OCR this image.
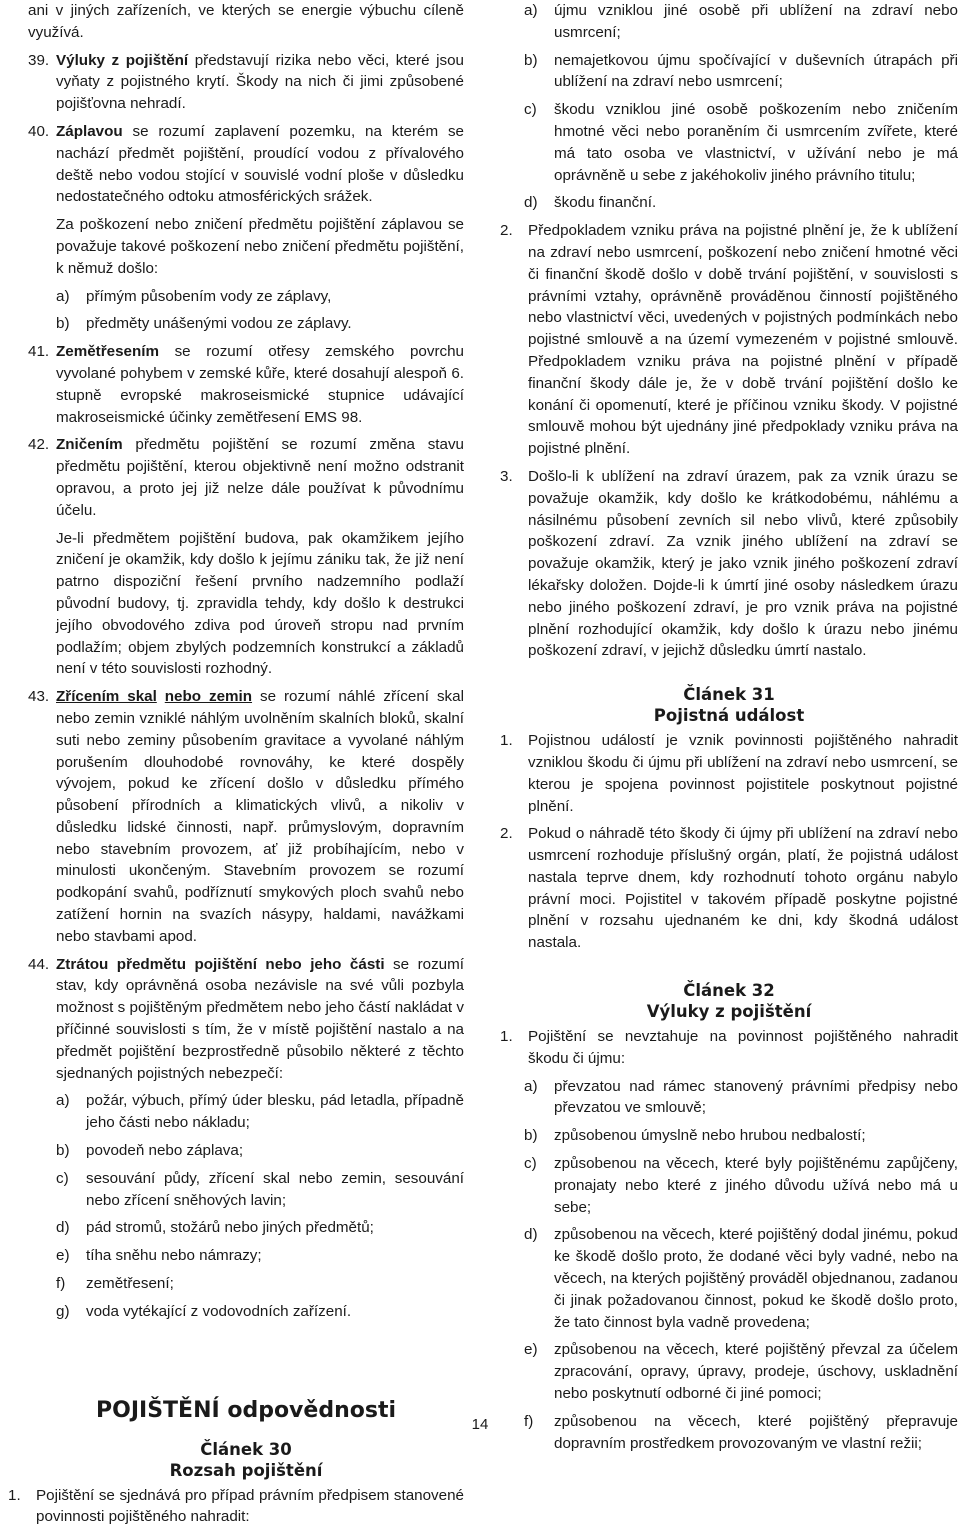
ani v jiných zařízeních, ve kterých se energie výbuchu cíleně využívá.

39. Výluky z pojištění představují rizika nebo věci, které jsou vyňaty z pojistného krytí. Škody na nich či jimi způsobené pojišťovna nehradí.
40. Záplavou se rozumí zaplavení pozemku, na kterém se nachází předmět pojištění, proudící vodou z přívalového deště nebo vodou stojící v souvislé vodní ploše v důsledku nedostatečného odtoku atmosférických srážek.

Za poškození nebo zničení předmětu pojištění záplavou se považuje takové poškození nebo zničení předmětu pojištění, k němuž došlo:

a)	přímým působením vody ze záplavy,
b)	předměty unášenými vodou ze záplavy.
41. Zemětřesením se rozumí otřesy zemského povrchu vyvolané pohybem v zemské kůře, které dosahují alespoň 6. stupně evropské makroseismické stupnice udávající makroseismické účinky zemětřesení EMS 98.
42. Zničením předmětu pojištění se rozumí změna stavu předmětu pojištění, kterou objektivně není možno odstranit opravou, a proto jej již nelze dále používat k původnímu účelu.

Je-li předmětem pojištění budova, pak okamžikem jejího zničení je okamžik, kdy došlo k jejímu zániku tak, že již není patrno dispoziční řešení prvního nadzemního podlaží původní budovy, tj. zpravidla tehdy, kdy došlo k destrukci jejího obvodového zdiva pod úroveň stropu nad prvním podlažím; objem zbylých podzemních konstrukcí a základů není v této souvislosti rozhodný.

43. Zřícením skal nebo zemin se rozumí náhlé zřícení skal nebo zemin vzniklé náhlým uvolněním skalních bloků, skalní suti nebo zeminy působením gravitace a vyvolané náhlým porušením dlouhodobé rovnováhy, ke které dospěly vývojem, pokud ke zřícení došlo v důsledku přímého působení přírodních a klimatických vlivů, a nikoliv v důsledku lidské činnosti, např. průmyslovým, dopravním nebo stavebním provozem, ať již probíhajícím, nebo v minulosti ukončeným. Stavebním provozem se rozumí podkopání svahů, podříznutí smykových ploch svahů nebo zatížení hornin na svazích násypy, haldami, navážkami nebo stavbami apod.
44. Ztrátou předmětu pojištění nebo jeho části se rozumí stav, kdy oprávněná osoba nezávisle na své vůli pozbyla možnost s pojištěným předmětem nebo jeho částí nakládat v příčinné souvislosti s tím, že v místě pojištění nastalo a na předmět pojištění bezprostředně působilo některé z těchto sjednaných pojistných nebezpečí:
a)	požár, výbuch, přímý úder blesku, pád letadla, případně jeho části nebo nákladu;
b)	povodeň nebo záplava;
c)	sesouvání půdy, zřícení skal nebo zemin, sesouvání nebo zřícení sněhových lavin;
d)	pád stromů, stožárů nebo jiných předmětů;
e)	tíha sněhu nebo námrazy;
f)	zemětřesení;
g)	voda vytékající z vodovodních zařízení.
POJIŠTĚNÍ odpovědnosti
Článek 30
Rozsah pojištění
1.	Pojištění se sjednává pro případ právním předpisem stanovené povinnosti pojištěného nahradit:
a)	újmu vzniklou jiné osobě při ublížení na zdraví nebo usmrcení;
b)	nemajetkovou újmu spočívající v duševních útrapách při ublížení na zdraví nebo usmrcení;
c)	škodu vzniklou jiné osobě poškozením nebo zničením hmotné věci nebo poraněním či usmrcením zvířete, které má tato osoba ve vlastnictví, v užívání nebo je má oprávněně u sebe z jakéhokoliv jiného právního titulu;
d)	škodu finanční.
2.	Předpokladem vzniku práva na pojistné plnění je, že k ublížení na zdraví nebo usmrcení, poškození nebo zničení hmotné věci či finanční škodě došlo v době trvání pojištění, v souvislosti s právními vztahy, oprávněně prováděnou činností pojištěného nebo vlastnictví věci, uvedených v pojistných podmínkách nebo pojistné smlouvě a na území vymezeném v pojistné smlouvě. Předpokladem vzniku práva na pojistné plnění v případě finanční škody dále je, že v době trvání pojištění došlo ke konání či opomenutí, které je příčinou vzniku škody. V pojistné smlouvě mohou být ujednány jiné předpoklady vzniku práva na pojistné plnění.
3.	Došlo-li k ublížení na zdraví úrazem, pak za vznik úrazu se považuje okamžik, kdy došlo ke krátkodobému, náhlému a násilnému působení zevních sil nebo vlivů, které způsobily poškození zdraví. Za vznik jiného ublížení na zdraví se považuje okamžik, který je jako vznik jiného poškození zdraví lékařsky doložen. Dojde-li k úmrtí jiné osoby následkem úrazu nebo jiného poškození zdraví, je pro vznik práva na pojistné plnění rozhodující okamžik, kdy došlo k úrazu nebo jinému poškození zdraví, v jejichž důsledku úmrtí nastalo.
Článek 31
Pojistná událost
1.	Pojistnou událostí je vznik povinnosti pojištěného nahradit vzniklou škodu či újmu při ublížení na zdraví nebo usmrcení, se kterou je spojena povinnost pojistitele poskytnout pojistné plnění.
2.	Pokud o náhradě této škody či újmy při ublížení na zdraví nebo usmrcení rozhoduje příslušný orgán, platí, že pojistná událost nastala teprve dnem, kdy rozhodnutí tohoto orgánu nabylo právní moci. Pojistitel v takovém případě poskytne pojistné plnění v rozsahu ujednaném ke dni, kdy škodná událost nastala.
Článek 32
Výluky z pojištění
1.	Pojištění se nevztahuje na povinnost pojištěného nahradit škodu či újmu:
a)	převzatou nad rámec stanovený právními předpisy nebo převzatou ve smlouvě;
b)	způsobenou úmyslně nebo hrubou nedbalostí;
c)	způsobenou na věcech, které byly pojištěnému zapůjčeny, pronajaty nebo které z jiného důvodu užívá nebo má u sebe;
d)	způsobenou na věcech, které pojištěný dodal jinému, pokud ke škodě došlo proto, že dodané věci byly vadné, nebo na věcech, na kterých pojištěný prováděl objednanou, zadanou či jinak požadovanou činnost, pokud ke škodě došlo proto, že tato činnost byla vadně provedena;
e)	způsobenou na věcech, které pojištěný převzal za účelem zpracování, opravy, úpravy, prodeje, úschovy, uskladnění nebo poskytnutí odborné či jiné pomoci;
f)	způsobenou na věcech, které pojištěný přepravuje dopravním prostředkem provozovaným ve vlastní režii;
14
